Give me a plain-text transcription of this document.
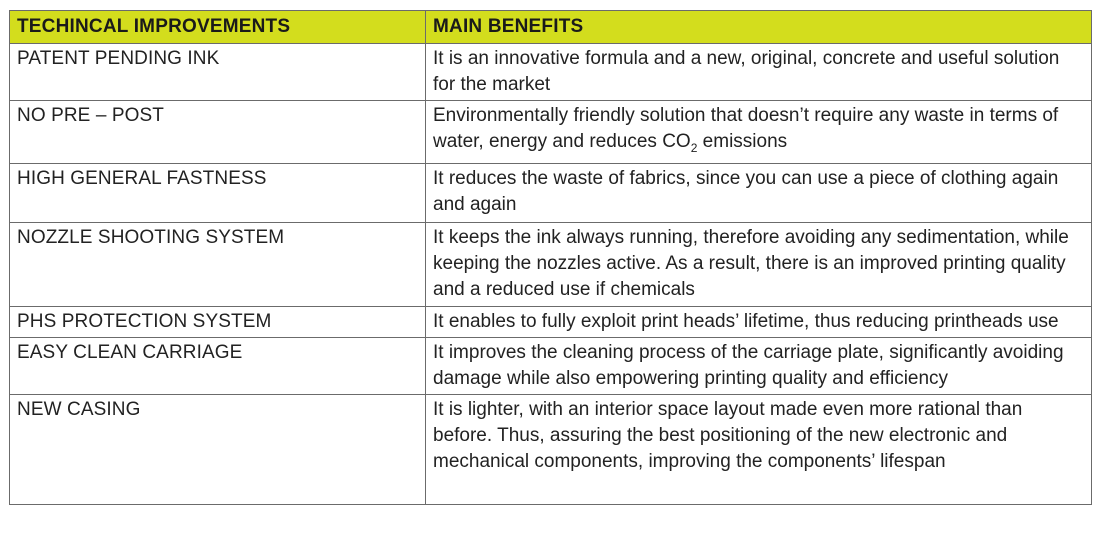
TECHINCAL IMPROVEMENTS	MAIN BENEFITS
PATENT PENDING INK	It is an innovative formula and a new, original, concrete and useful solution for the market
NO PRE – POST	Environmentally friendly solution that doesn’t require any waste in terms of water, energy and reduces $CO_2$ emissions
HIGH GENERAL FASTNESS	It reduces the waste of fabrics, since you can use a piece of clothing again and again
NOZZLE SHOOTING SYSTEM	It keeps the ink always running, therefore avoiding any sedimentation, while keeping the nozzles active. As a result, there is an improved printing quality and a reduced use if chemicals
PHS PROTECTION SYSTEM	It enables to fully exploit print heads’ lifetime, thus reducing printheads use
EASY CLEAN CARRIAGE	It improves the cleaning process of the carriage plate, significantly avoiding damage while also empowering printing quality and efficiency
NEW CASING	It is lighter, with an interior space layout made even more rational than before. Thus, assuring the best positioning of the new electronic and mechanical components, improving the components’ lifespan
